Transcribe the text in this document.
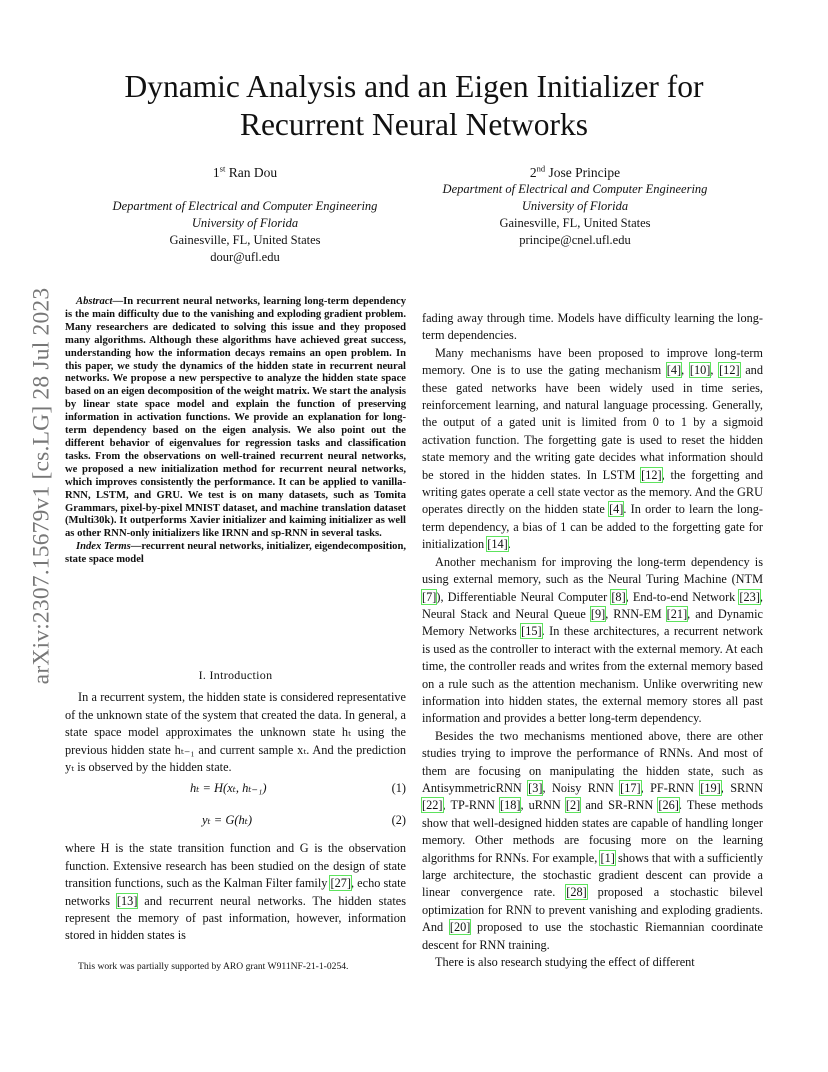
arXiv:2307.15679v1 [cs.LG] 28 Jul 2023
Dynamic Analysis and an Eigen Initializer for
Recurrent Neural Networks
1st Ran Dou
Department of Electrical and Computer Engineering
University of Florida
Gainesville, FL, United States
dour@ufl.edu
2nd Jose Principe
Department of Electrical and Computer Engineering
University of Florida
Gainesville, FL, United States
principe@cnel.ufl.edu

Abstract—In recurrent neural networks, learning long-term dependency is the main difficulty due to the vanishing and exploding gradient problem. Many researchers are dedicated to solving this issue and they proposed many algorithms. Although these algorithms have achieved great success, understanding how the information decays remains an open problem. In this paper, we study the dynamics of the hidden state in recurrent neural networks. We propose a new perspective to analyze the hidden state space based on an eigen decomposition of the weight matrix. We start the analysis by linear state space model and explain the function of preserving information in activation functions. We provide an explanation for long-term dependency based on the eigen analysis. We also point out the different behavior of eigenvalues for regression tasks and classification tasks. From the observations on well-trained recurrent neural networks, we proposed a new initialization method for recurrent neural networks, which improves consistently the performance. It can be applied to vanilla-RNN, LSTM, and GRU. We test is on many datasets, such as Tomita Grammars, pixel-by-pixel MNIST dataset, and machine translation dataset (Multi30k). It outperforms Xavier initializer and kaiming initializer as well as other RNN-only initializers like IRNN and sp-RNN in several tasks.

Index Terms—recurrent neural networks, initializer, eigendecomposition, state space model

I. Introduction

In a recurrent system, the hidden state is considered representative of the unknown state of the system that created the data. In general, a state space model approximates the unknown state hₜ using the previous hidden state hₜ₋₁ and current sample xₜ. And the prediction yₜ is observed by the hidden state.

hₜ = H(xₜ, hₜ₋₁)	(1)
yₜ = G(hₜ)	(2)

where H is the state transition function and G is the observation function. Extensive research has been studied on the design of state transition functions, such as the Kalman Filter family [27], echo state networks [13] and recurrent neural networks. The hidden states represent the memory of past information, however, information stored in hidden states is

This work was partially supported by ARO grant W911NF-21-1-0254.

fading away through time. Models have difficulty learning the long-term dependencies.

Many mechanisms have been proposed to improve long-term memory. One is to use the gating mechanism [4], [10], [12] and these gated networks have been widely used in time series, reinforcement learning, and natural language processing. Generally, the output of a gated unit is limited from 0 to 1 by a sigmoid activation function. The forgetting gate is used to reset the hidden state memory and the writing gate decides what information should be stored in the hidden states. In LSTM [12], the forgetting and writing gates operate a cell state vector as the memory. And the GRU operates directly on the hidden state [4]. In order to learn the long-term dependency, a bias of 1 can be added to the forgetting gate for initialization [14].

Another mechanism for improving the long-term dependency is using external memory, such as the Neural Turing Machine (NTM [7]), Differentiable Neural Computer [8], End-to-end Network [23], Neural Stack and Neural Queue [9], RNN-EM [21], and Dynamic Memory Networks [15]. In these architectures, a recurrent network is used as the controller to interact with the external memory. At each time, the controller reads and writes from the external memory based on a rule such as the attention mechanism. Unlike overwriting new information into hidden states, the external memory stores all past information and provides a better long-term dependency.

Besides the two mechanisms mentioned above, there are other studies trying to improve the performance of RNNs. And most of them are focusing on manipulating the hidden state, such as AntisymmetricRNN [3], Noisy RNN [17], PF-RNN [19], SRNN [22], TP-RNN [18], uRNN [2] and SR-RNN [26]. These methods show that well-designed hidden states are capable of handling longer memory. Other methods are focusing more on the learning algorithms for RNNs. For example, [1] shows that with a sufficiently large architecture, the stochastic gradient descent can provide a linear convergence rate. [28] proposed a stochastic bilevel optimization for RNN to prevent vanishing and exploding gradients. And [20] proposed to use the stochastic Riemannian coordinate descent for RNN training.

There is also research studying the effect of different
